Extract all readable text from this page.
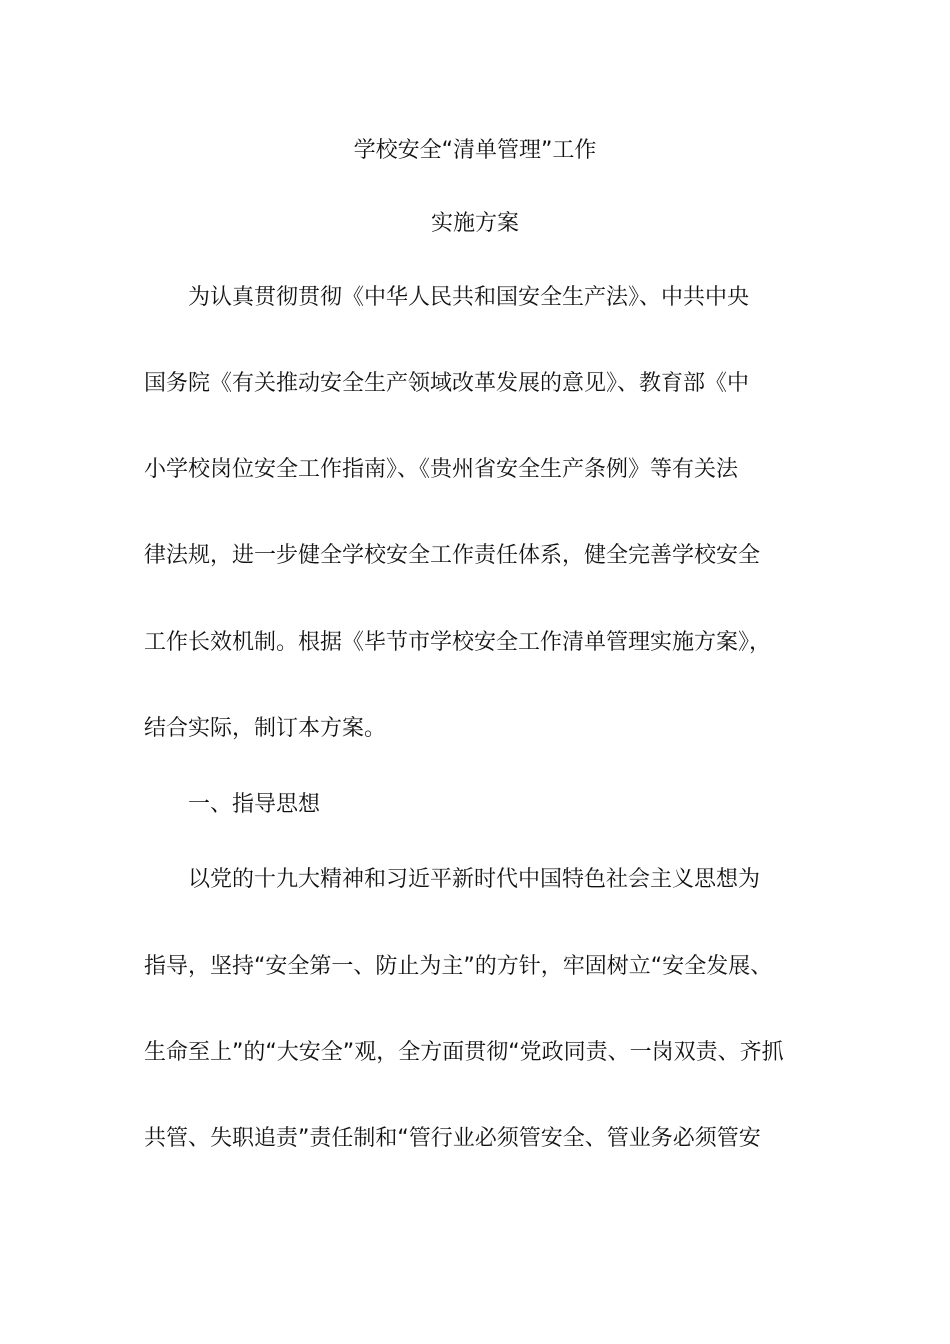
学校安全“清单管理”工作
实施方案

为认真贯彻贯彻《中华人民共和国安全生产法》、中共中央

国务院《有关推动安全生产领域改革发展的意见》、教育部《中

小学校岗位安全工作指南》、《贵州省安全生产条例》等有关法

律法规，进一步健全学校安全工作责任体系，健全完善学校安全

工作长效机制。根据《毕节市学校安全工作清单管理实施方案》，

结合实际，制订本方案。

一、指导思想

以党的十九大精神和习近平新时代中国特色社会主义思想为

指导，坚持“安全第一、防止为主”的方针，牢固树立“安全发展、

生命至上”的“大安全”观，全方面贯彻“党政同责、一岗双责、齐抓

共管、失职追责”责任制和“管行业必须管安全、管业务必须管安
